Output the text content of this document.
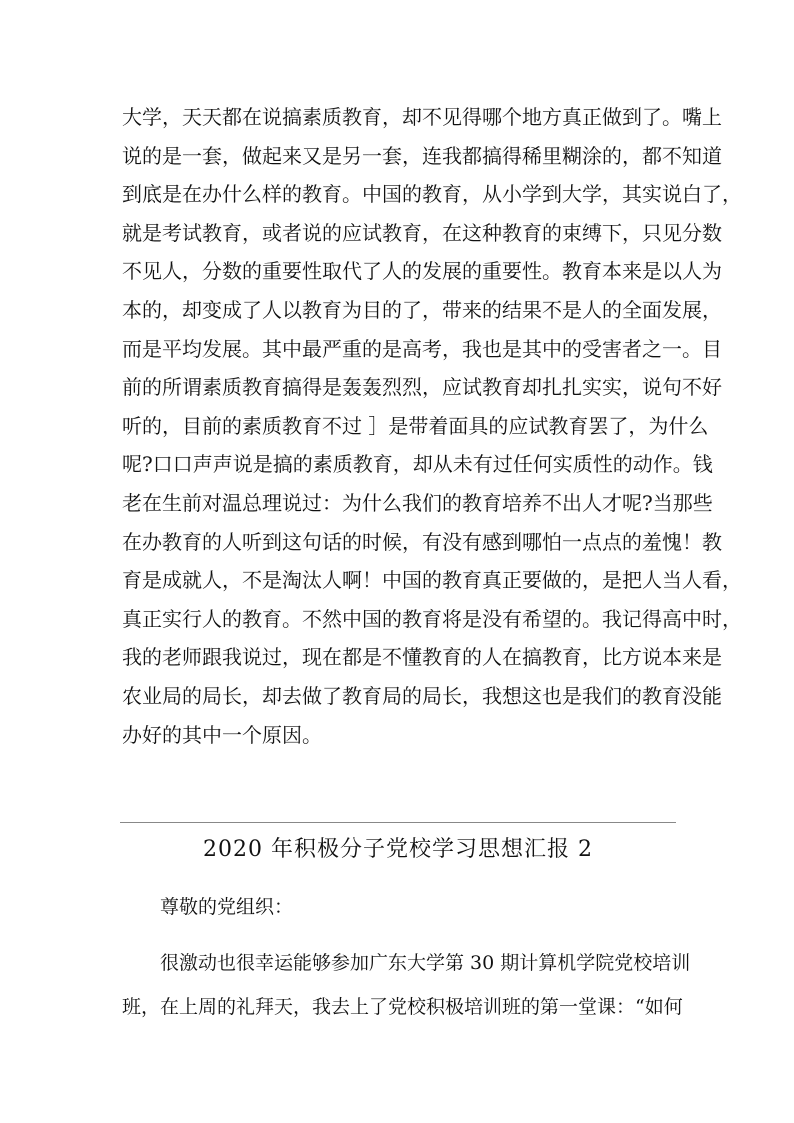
大学，天天都在说搞素质教育，却不见得哪个地方真正做到了。嘴上
说的是一套，做起来又是另一套，连我都搞得稀里糊涂的，都不知道
到底是在办什么样的教育。中国的教育，从小学到大学，其实说白了，
就是考试教育，或者说的应试教育，在这种教育的束缚下，只见分数
不见人，分数的重要性取代了人的发展的重要性。教育本来是以人为
本的，却变成了人以教育为目的了，带来的结果不是人的全面发展，
而是平均发展。其中最严重的是高考，我也是其中的受害者之一。目
前的所谓素质教育搞得是轰轰烈烈，应试教育却扎扎实实，说句不好
听的，目前的素质教育不过 ］是带着面具的应试教育罢了，为什么
呢?口口声声说是搞的素质教育，却从未有过任何实质性的动作。钱
老在生前对温总理说过：为什么我们的教育培养不出人才呢?当那些
在办教育的人听到这句话的时候，有没有感到哪怕一点点的羞愧！教
育是成就人，不是淘汰人啊！中国的教育真正要做的，是把人当人看，
真正实行人的教育。不然中国的教育将是没有希望的。我记得高中时，
我的老师跟我说过，现在都是不懂教育的人在搞教育，比方说本来是
农业局的局长，却去做了教育局的局长，我想这也是我们的教育没能
办好的其中一个原因。
2020 年积极分子党校学习思想汇报 2
尊敬的党组织：
很激动也很幸运能够参加广东大学第 30 期计算机学院党校培训
班，在上周的礼拜天，我去上了党校积极培训班的第一堂课：“如何
